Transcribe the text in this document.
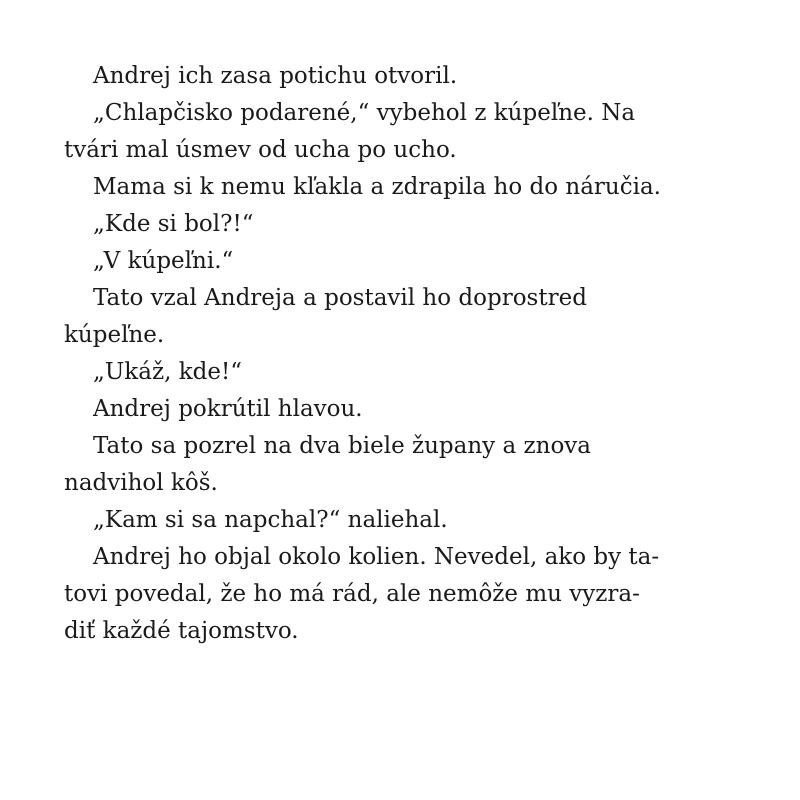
Andrej ich zasa potichu otvoril.
„Chlapčisko podarené,“ vybehol z kúpeľne. Na
tvári mal úsmev od ucha po ucho.
Mama si k nemu kľakla a zdrapila ho do náručia.
„Kde si bol?!“
„V kúpeľni.“
Tato vzal Andreja a postavil ho doprostred
kúpeľne.
„Ukáž, kde!“
Andrej pokrútil hlavou.
Tato sa pozrel na dva biele župany a znova
nadvihol kôš.
„Kam si sa napchal?“ naliehal.
Andrej ho objal okolo kolien. Nevedel, ako by ta-
tovi povedal, že ho má rád, ale nemôže mu vyzra-
diť každé tajomstvo.
